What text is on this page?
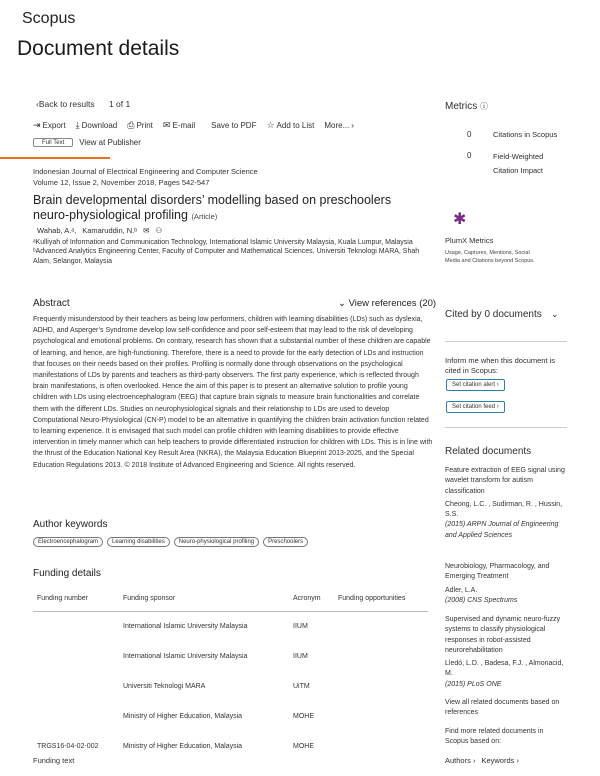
Scopus
Document details
‹Back to results 1 of 1
⇥ Export ⤓ Download ⎙ Print ✉ E-mail Save to PDF ☆ Add to List More... ›
Full Text	View at Publisher
Indonesian Journal of Electrical Engineering and Computer Science
Volume 12, Issue 2, November 2018, Pages 542-547
Brain developmental disorders’ modelling based on preschoolers neuro-physiological profiling (Article)
Wahab, A.ᵃ, Kamaruddin, N.ᵇ ✉ ⚇
ᵃKulliyah of Information and Communication Technology, International Islamic University Malaysia, Kuala Lumpur, Malaysia
ᵇAdvanced Analytics Engineering Center, Faculty of Computer and Mathematical Sciences, Universiti Teknologi MARA, Shah Alam, Selangor, Malaysia
Abstract	⌄ View references (20)
Frequently misunderstood by their teachers as being low performers, children with learning disabilities (LDs) such as dyslexia, ADHD, and Asperger’s Syndrome develop low self-confidence and poor self-esteem that may lead to the risk of developing psychological and emotional problems. On contrary, research has shown that a substantial number of these children are capable of learning, and hence, are high-functioning. Therefore, there is a need to provide for the early detection of LDs and instruction that focuses on their needs based on their profiles. Profiling is normally done through observations on the psychological manifestations of LDs by parents and teachers as third-party observers. The first party experience, which is reflected through brain manifestations, is often overlooked. Hence the aim of this paper is to present an alternative solution to profile young children with LDs using electroencephalogram (EEG) that capture brain signals to measure brain functionalities and correlate them with the different LDs. Studies on neurophysiological signals and their relationship to LDs are used to develop Computational Neuro-Physiological (CN-P) model to be an alternative in quantifying the children brain activation function related to learning experience. It is envisaged that such model can profile children with learning disabilities to provide effective intervention in timely manner which can help teachers to provide differentiated instruction for children with LDs. This is in line with the thrust of the Education National Key Result Area (NKRA), the Malaysia Education Blueprint 2013-2025, and the Special Education Regulations 2013. © 2018 Institute of Advanced Engineering and Science. All rights reserved.
Author keywords
Electroencephalogram	Learning disabilities	Neuro-physiological profiling	Preschoolers
Funding details
Funding number	Funding sponsor	Acronym	Funding opportunities
	International Islamic University Malaysia	IIUM	
	International Islamic University Malaysia	IIUM	
	Universiti Teknologi MARA	UiTM	
	Ministry of Higher Education, Malaysia	MOHE	
TRGS16-04-02-002	Ministry of Higher Education, Malaysia	MOHE	
Funding text
Metrics ⓘ
0	Citations in Scopus
0	Field-Weighted
Citation Impact
✱
PlumX Metrics
Usage, Captures, Mentions, Social Media and Citations beyond Scopus.
Cited by 0 documents ⌄
Inform me when this document is cited in Scopus:
Set citation alert ›
Set citation feed ›
Related documents
Feature extraction of EEG signal using wavelet transform for autism classification
Cheong, L.C. , Sudirman, R. , Hussin, S.S.
(2015) ARPN Journal of Engineering and Applied Sciences
Neurobiology, Pharmacology, and Emerging Treatment
Adler, L.A.
(2008) CNS Spectrums
Supervised and dynamic neuro-fuzzy systems to classify physiological responses in robot-assisted neurorehabilitation
Lledó, L.D. , Badesa, F.J. , Almonacid, M.
(2015) PLoS ONE
View all related documents based on references
Find more related documents in Scopus based on:
Authors › Keywords ›
